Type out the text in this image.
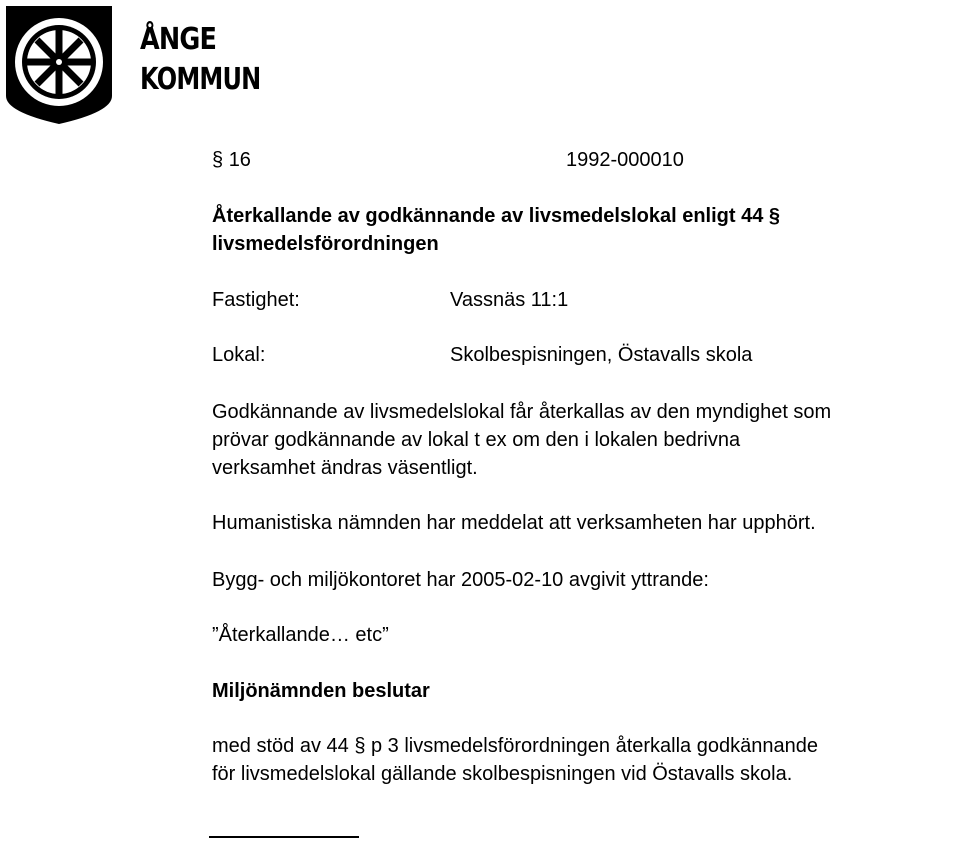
ÅNGE
KOMMUN
§ 16	1992-000010
Återkallande av godkännande av livsmedelslokal enligt 44 §
livsmedelsförordningen
Fastighet:	Vassnäs 11:1
Lokal:	Skolbespisningen, Östavalls skola
Godkännande av livsmedelslokal får återkallas av den myndighet som
prövar godkännande av lokal t ex om den i lokalen bedrivna
verksamhet ändras väsentligt.
Humanistiska nämnden har meddelat att verksamheten har upphört.
Bygg- och miljökontoret har 2005-02-10 avgivit yttrande:
”Återkallande… etc”
Miljönämnden beslutar
med stöd av 44 § p 3 livsmedelsförordningen återkalla godkännande
för livsmedelslokal gällande skolbespisningen vid Östavalls skola.
